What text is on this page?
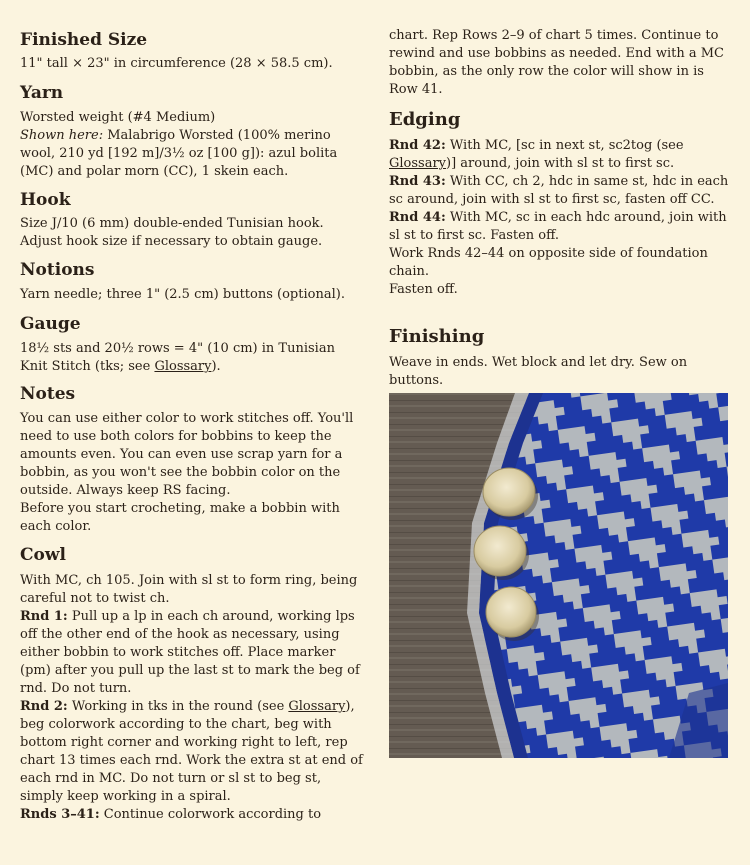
Finished Size

11" tall × 23" in circumference (28 × 58.5 cm).

Yarn

Worsted weight (#4 Medium)

Shown here: Malabrigo Worsted (100% merino wool, 210 yd [192 m]/3½ oz [100 g]): azul bolita (MC) and polar morn (CC), 1 skein each.

Hook

Size J/10 (6 mm) double-ended Tunisian hook. Adjust hook size if necessary to obtain gauge.

Notions

Yarn needle; three 1" (2.5 cm) buttons (optional).

Gauge

18½ sts and 20½ rows = 4" (10 cm) in Tunisian Knit Stitch (tks; see Glossary).

Notes

You can use either color to work stitches off. You'll need to use both colors for bobbins to keep the amounts even. You can even use scrap yarn for a bobbin, as you won't see the bobbin color on the outside. Always keep RS facing.

Before you start crocheting, make a bobbin with each color.

Cowl

With MC, ch 105. Join with sl st to form ring, being careful not to twist ch.

Rnd 1: Pull up a lp in each ch around, working lps off the other end of the hook as necessary, using either bobbin to work stitches off. Place marker (pm) after you pull up the last st to mark the beg of rnd. Do not turn.

Rnd 2: Working in tks in the round (see Glossary), beg colorwork according to the chart, beg with bottom right corner and working right to left, rep chart 13 times each rnd. Work the extra st at end of each rnd in MC. Do not turn or sl st to beg st, simply keep working in a spiral.

Rnds 3–41: Continue colorwork according to

chart. Rep Rows 2–9 of chart 5 times. Continue to rewind and use bobbins as needed. End with a MC bobbin, as the only row the color will show in is Row 41.

Edging

Rnd 42: With MC, [sc in next st, sc2tog (see Glossary)] around, join with sl st to first sc.

Rnd 43: With CC, ch 2, hdc in same st, hdc in each sc around, join with sl st to first sc, fasten off CC.

Rnd 44: With MC, sc in each hdc around, join with sl st to first sc. Fasten off.

Work Rnds 42–44 on opposite side of foundation chain.

Fasten off.

Finishing

Weave in ends. Wet block and let dry. Sew on buttons.
